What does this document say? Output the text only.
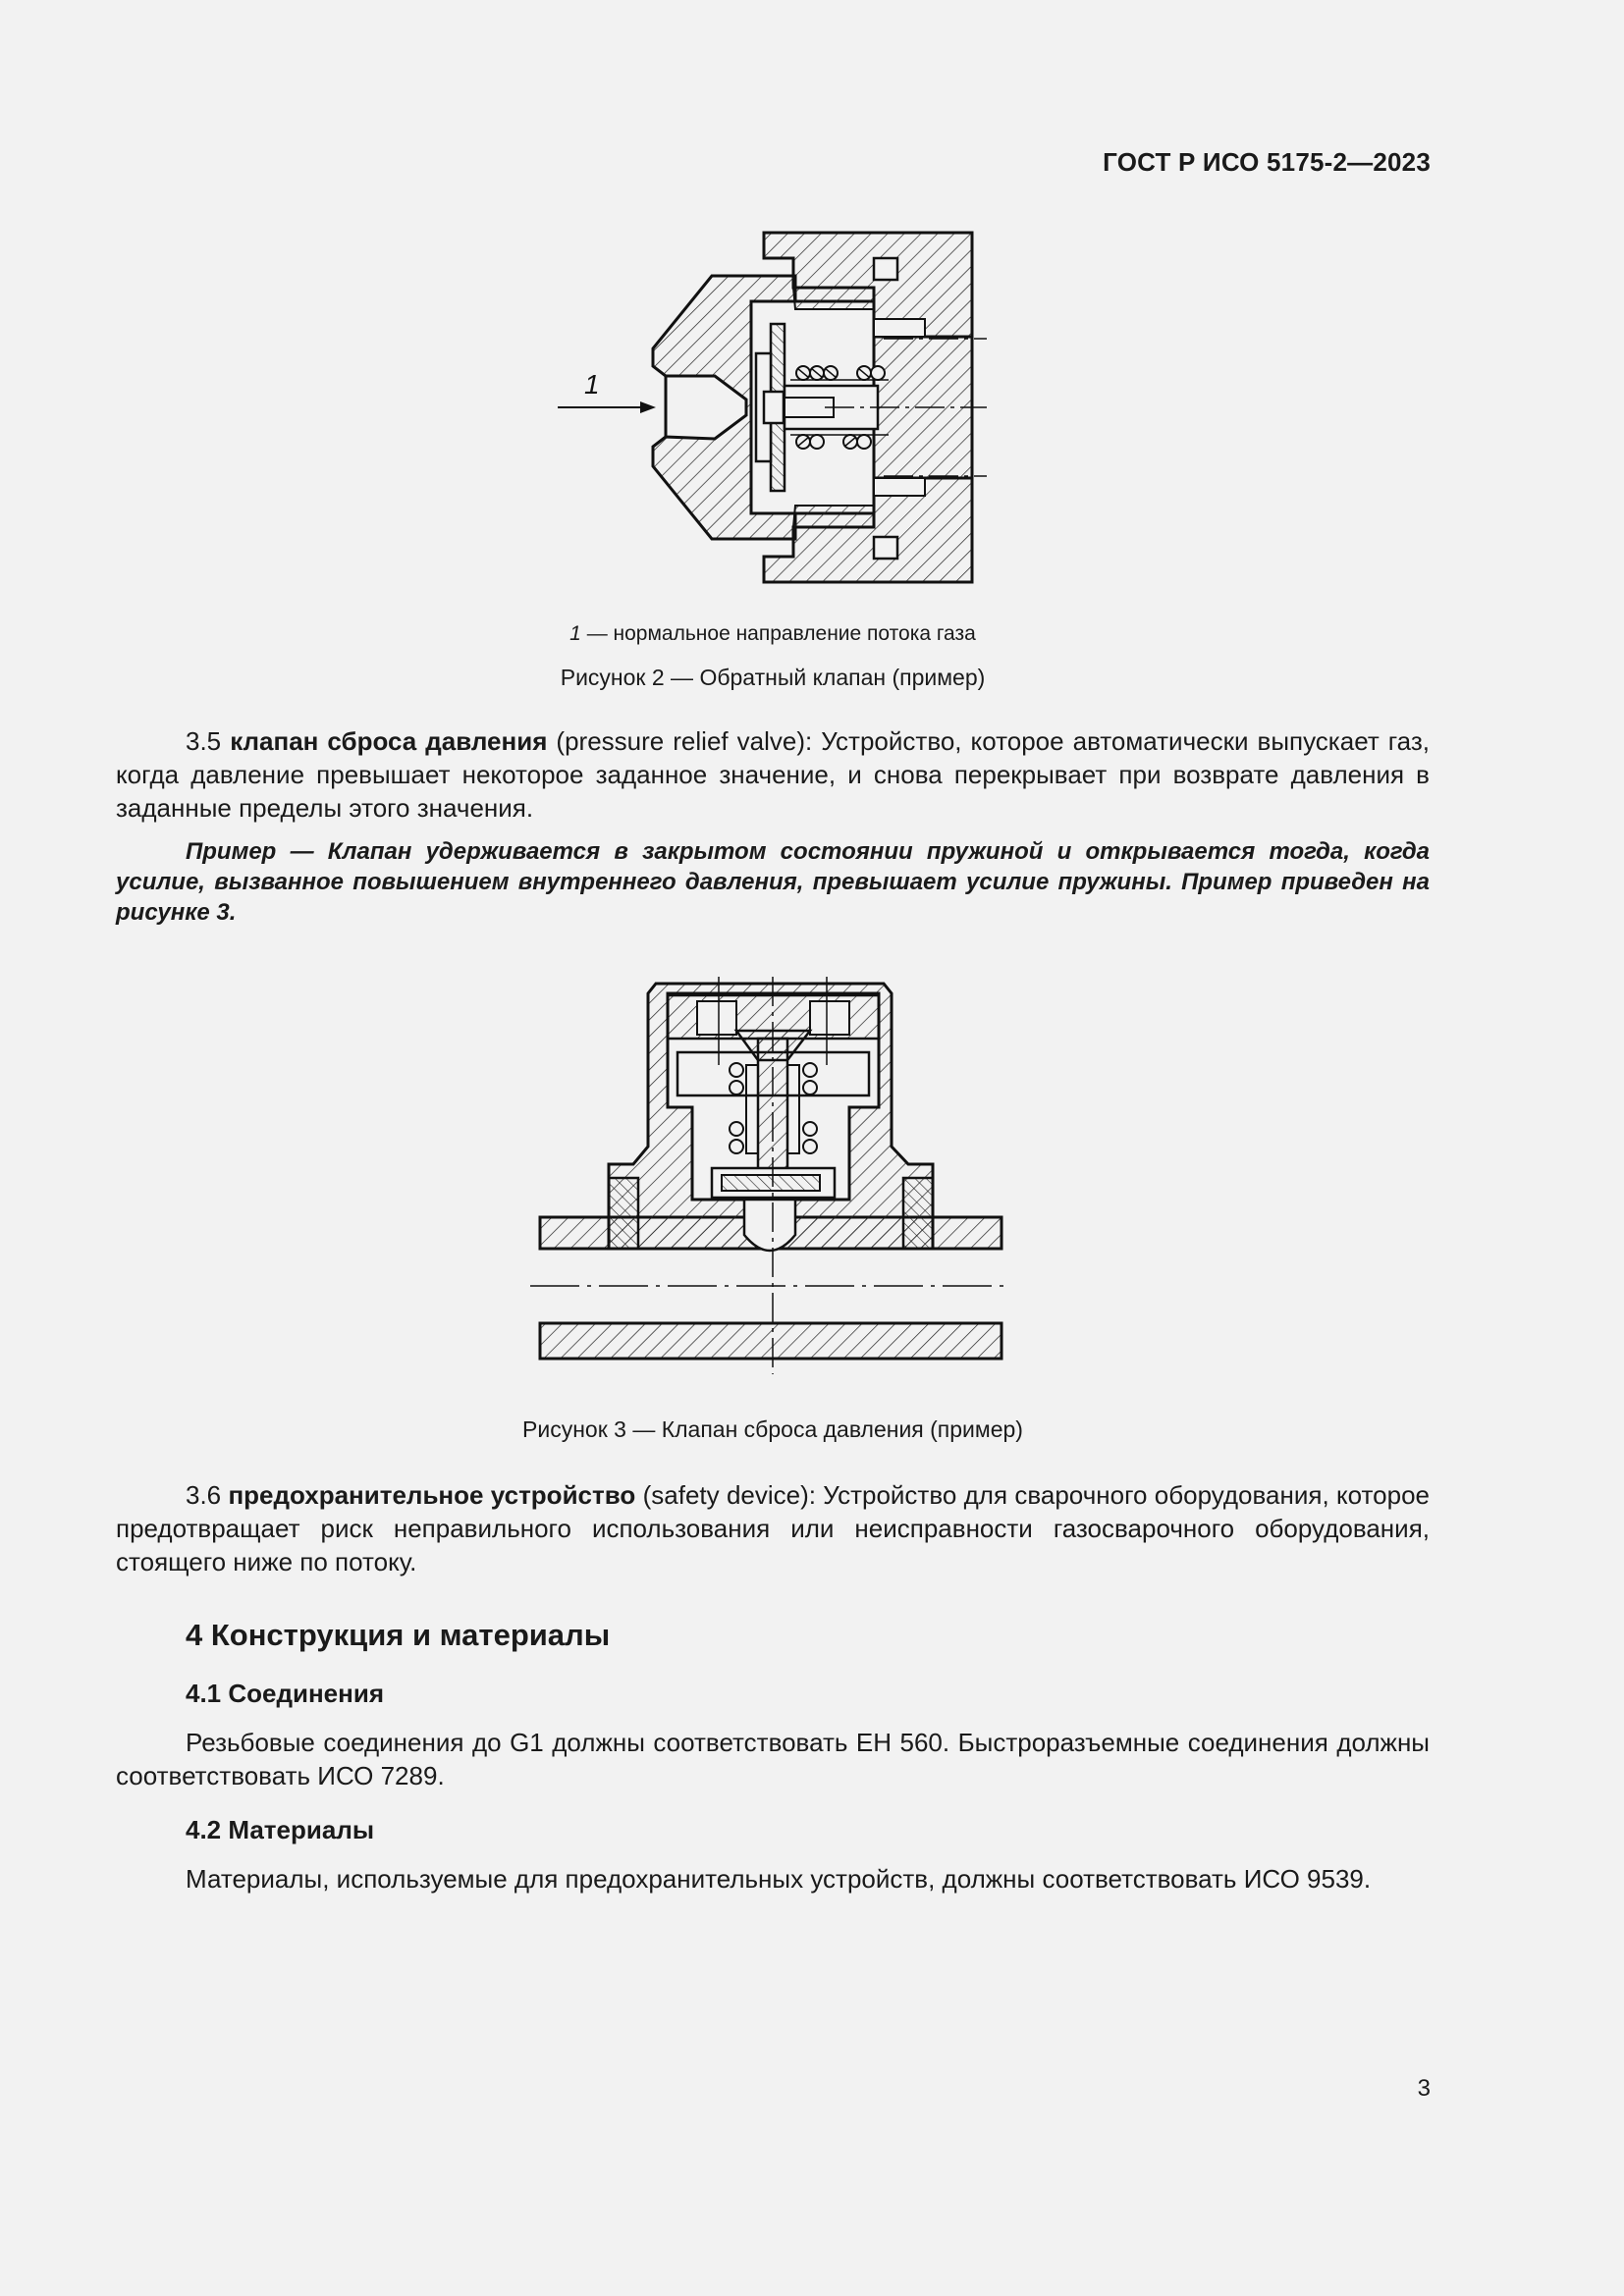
ГОСТ Р ИСО 5175-2—2023
1
1 — нормальное направление потока газа
Рисунок 2 — Обратный клапан (пример)
3.5 клапан сброса давления (pressure relief valve): Устройство, которое автоматически выпускает газ, когда давление превышает некоторое заданное значение, и снова перекрывает при возврате давления в заданные пределы этого значения.
Пример — Клапан удерживается в закрытом состоянии пружиной и открывается тогда, когда усилие, вызванное повышением внутреннего давления, превышает усилие пружины. Пример приведен на рисунке 3.
Рисунок 3 — Клапан сброса давления (пример)
3.6 предохранительное устройство (safety device): Устройство для сварочного оборудования, которое предотвращает риск неправильного использования или неисправности газосварочного оборудования, стоящего ниже по потоку.
4 Конструкция и материалы
4.1 Соединения
Резьбовые соединения до G1 должны соответствовать ЕН 560. Быстроразъемные соединения должны соответствовать ИСО 7289.
4.2 Материалы
Материалы, используемые для предохранительных устройств, должны соответствовать ИСО 9539.
3
